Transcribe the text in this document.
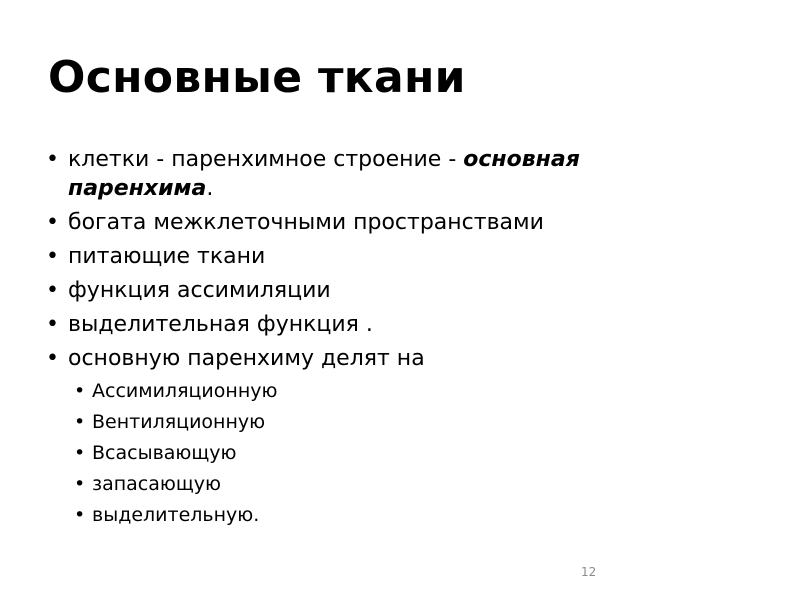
Основные ткани
• клетки - паренхимное строение - основная паренхима.
• богата межклеточными пространствами
• питающие ткани
• функция ассимиляции
• выделительная функция .
• основную паренхиму делят на
• Ассимиляционную
• Вентиляционную
• Всасывающую
• запасающую
• выделительную.
12
